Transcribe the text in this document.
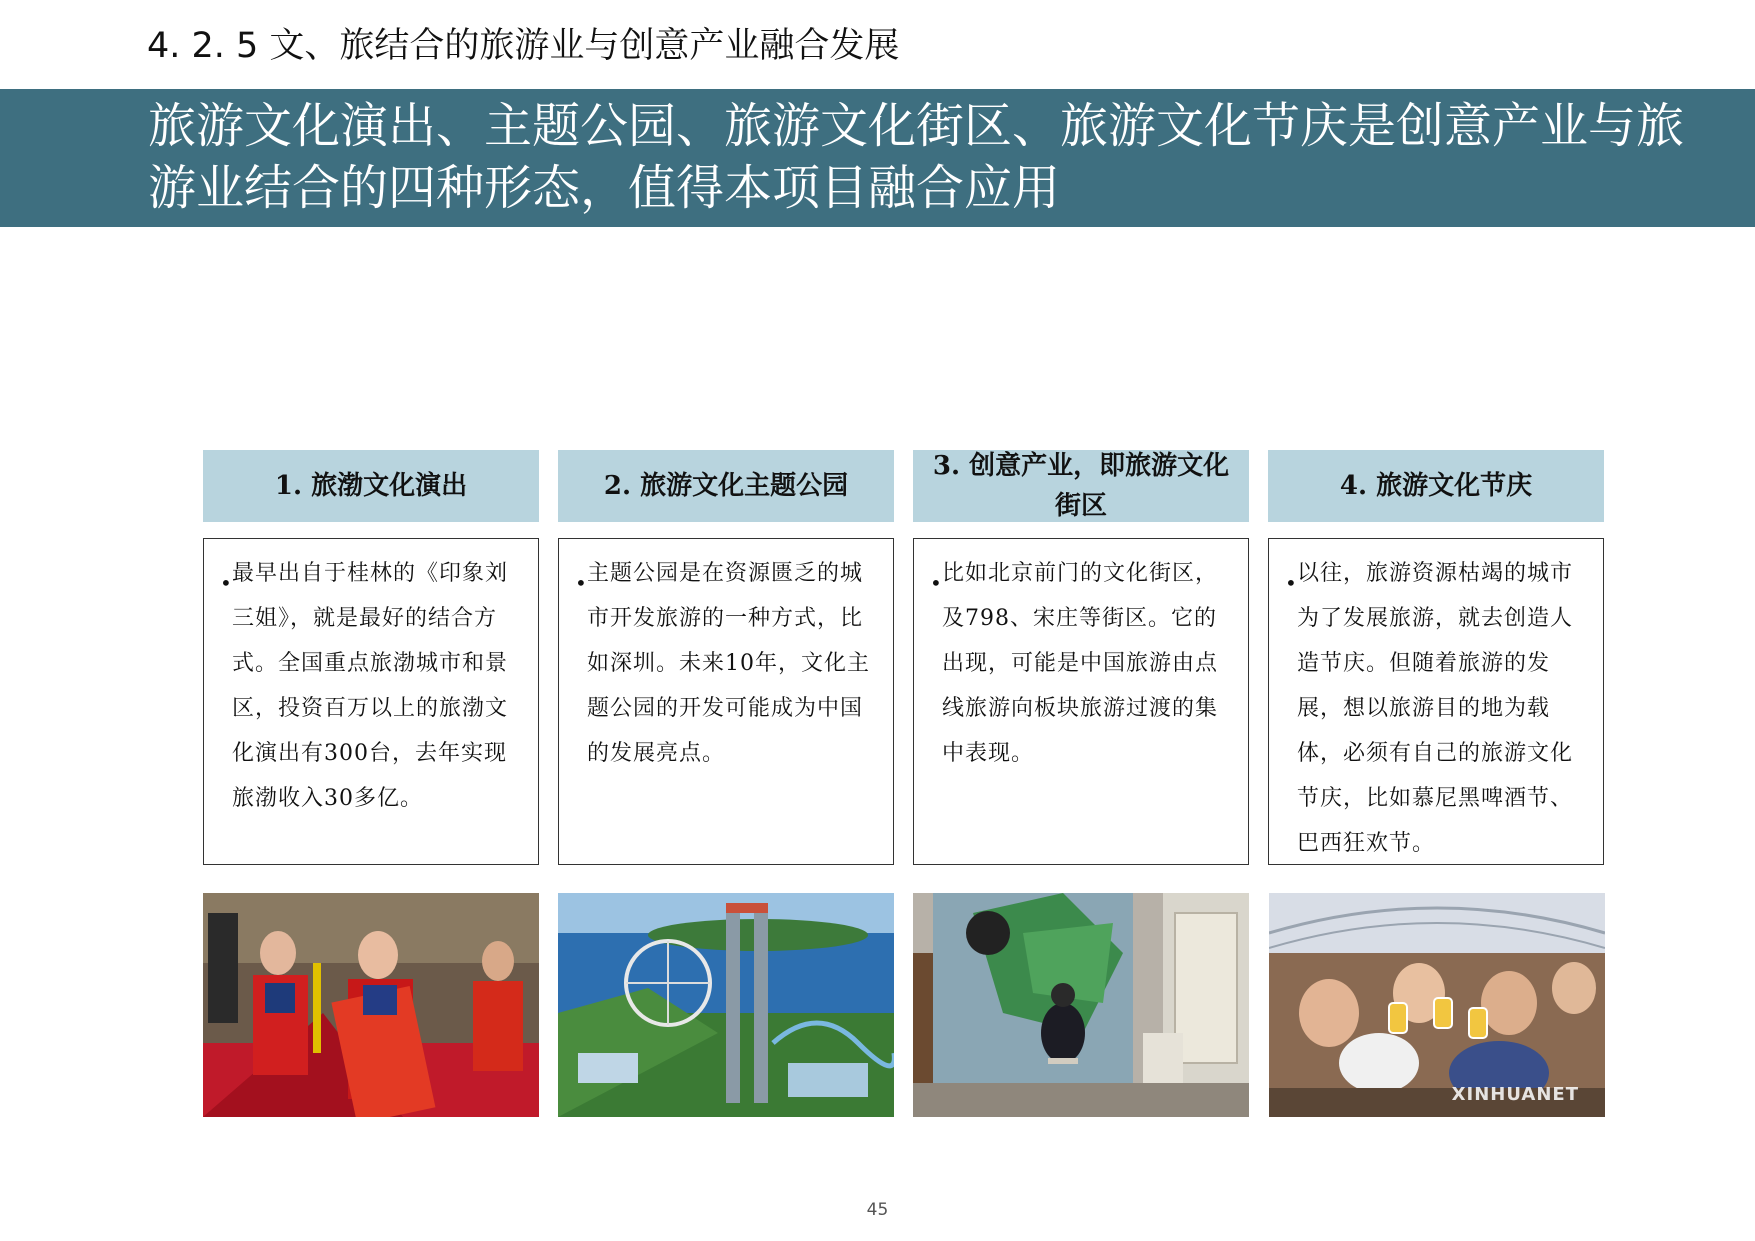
4. 2. 5 文、旅结合的旅游业与创意产业融合发展
旅游文化演出、主题公园、旅游文化街区、旅游文化节庆是创意产业与旅游业结合的四种形态，值得本项目融合应用
1. 旅渤文化演出
• 最早出自于桂林的《印象刘三姐》，就是最好的结合方式。全国重点旅渤城市和景区，投资百万以上的旅渤文化演出有300台，去年实现旅渤收入30多亿。
2. 旅游文化主题公园
• 主题公园是在资源匮乏的城市开发旅游的一种方式，比如深圳。未来10年，文化主题公园的开发可能成为中国的发展亮点。
3. 创意产业，即旅游文化街区
• 比如北京前门的文化街区，及798、宋庄等街区。它的出现，可能是中国旅游由点线旅游向板块旅游过渡的集中表现。
4. 旅游文化节庆
• 以往，旅游资源枯竭的城市为了发展旅游，就去创造人造节庆。但随着旅游的发展，想以旅游目的地为载体，必须有自己的旅游文化节庆，比如慕尼黑啤酒节、巴西狂欢节。
XINHUANET
45
